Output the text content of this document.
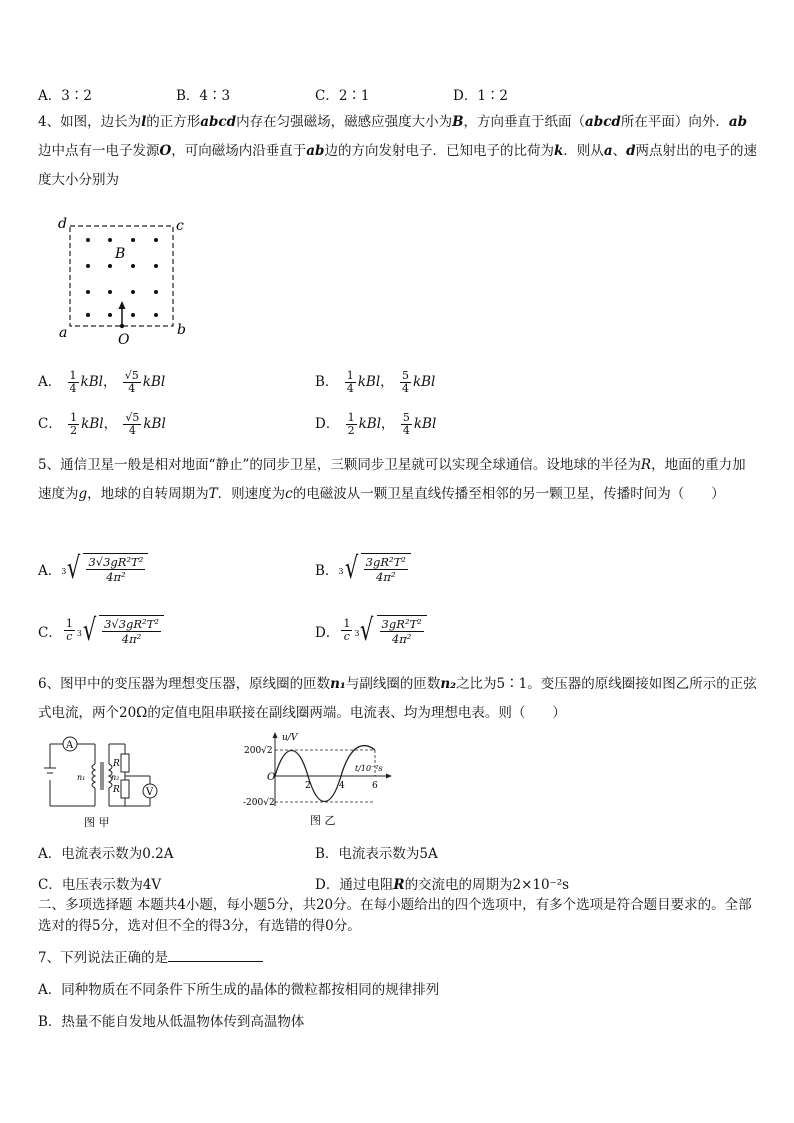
A．3∶2	B．4∶3	C．2∶1	D．1∶2
4、如图，边长为l的正方形abcd内存在匀强磁场，磁感应强度大小为B，方向垂直于纸面（abcd所在平面）向外．ab边中点有一电子发源O，可向磁场内沿垂直于ab边的方向发射电子．已知电子的比荷为k．则从a、d两点射出的电子的速度大小分别为
d	c
a	b
B
O
A． $\frac{1}{4}$ kBl， $\frac{√5}{4}$ kBl	B． $\frac{1}{4}$ kBl， $\frac{5}{4}$ kBl
C． $\frac{1}{2}$ kBl， $\frac{√5}{4}$ kBl	D． $\frac{1}{2}$ kBl， $\frac{5}{4}$ kBl
5、通信卫星一般是相对地面“静止”的同步卫星，三颗同步卫星就可以实现全球通信。设地球的半径为R，地面的重力加速度为g，地球的自转周期为T．则速度为c的电磁波从一颗卫星直线传播至相邻的另一颗卫星，传播时间为（　　）
A． 3 √ 3√3gR²T²
4π²	B． 3 √ 3gR²T²
4π²
C． $\frac{1}{c} 3$ √ 3√3gR²T²
4π²	D． $\frac{1}{c} 3$ √ 3gR²T²
4π²
6、图甲中的变压器为理想变压器，原线圈的匝数n₁与副线圈的匝数n₂之比为5∶1。变压器的原线圈接如图乙所示的正弦式电流，两个20Ω的定值电阻串联接在副线圈两端。电流表、均为理想电表。则（　　）
A
n₁	n₂
R
R	V
图 甲
u/V
200√2
-200√2
O
2	4	6
t/10⁻²s
图 乙
A．电流表示数为0.2A	B．电流表示数为5A
C．电压表示数为4V	D．通过电阻R的交流电的周期为2×10⁻²s
二、多项选择题 本题共4小题，每小题5分，共20分。在每小题给出的四个选项中，有多个选项是符合题目要求的。全部选对的得5分，选对但不全的得3分，有选错的得0分。
7、下列说法正确的是
A．同种物质在不同条件下所生成的晶体的微粒都按相同的规律排列
B．热量不能自发地从低温物体传到高温物体
